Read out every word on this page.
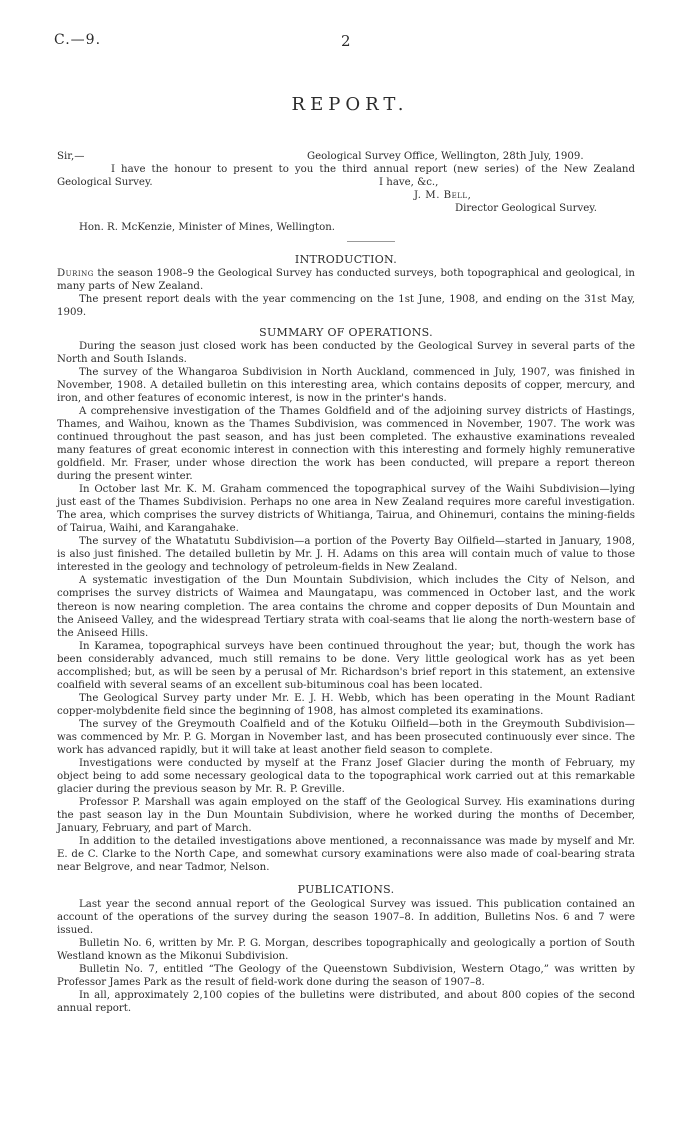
C.—9.	2
REPORT.
Sir,—	Geological Survey Office, Wellington, 28th July, 1909.

I have the honour to present to you the third annual report (new series) of the New Zealand Geological Survey.	I have, &c.,
J. M. Bell,
Director Geological Survey.
Hon. R. McKenzie, Minister of Mines, Wellington.
INTRODUCTION.

During the season 1908–9 the Geological Survey has conducted surveys, both topographical and geological, in many parts of New Zealand.

The present report deals with the year commencing on the 1st June, 1908, and ending on the 31st May, 1909.

SUMMARY OF OPERATIONS.

During the season just closed work has been conducted by the Geological Survey in several parts of the North and South Islands.

The survey of the Whangaroa Subdivision in North Auckland, commenced in July, 1907, was finished in November, 1908. A detailed bulletin on this interesting area, which contains deposits of copper, mercury, and iron, and other features of economic interest, is now in the printer's hands.

A comprehensive investigation of the Thames Goldfield and of the adjoining survey districts of Hastings, Thames, and Waihou, known as the Thames Subdivision, was commenced in November, 1907. The work was continued throughout the past season, and has just been completed. The exhaustive examinations revealed many features of great economic interest in connection with this interesting and formely highly remunerative goldfield. Mr. Fraser, under whose direction the work has been conducted, will prepare a report thereon during the present winter.

In October last Mr. K. M. Graham commenced the topographical survey of the Waihi Subdivision—lying just east of the Thames Subdivision. Perhaps no one area in New Zealand requires more careful investigation. The area, which comprises the survey districts of Whitianga, Tairua, and Ohinemuri, contains the mining-fields of Tairua, Waihi, and Karangahake.

The survey of the Whatatutu Subdivision—a portion of the Poverty Bay Oilfield—started in January, 1908, is also just finished. The detailed bulletin by Mr. J. H. Adams on this area will contain much of value to those interested in the geology and technology of petroleum-fields in New Zealand.

A systematic investigation of the Dun Mountain Subdivision, which includes the City of Nelson, and comprises the survey districts of Waimea and Maungatapu, was commenced in October last, and the work thereon is now nearing completion. The area contains the chrome and copper deposits of Dun Mountain and the Aniseed Valley, and the widespread Tertiary strata with coal-seams that lie along the north-western base of the Aniseed Hills.

In Karamea, topographical surveys have been continued throughout the year; but, though the work has been considerably advanced, much still remains to be done. Very little geological work has as yet been accomplished; but, as will be seen by a perusal of Mr. Richardson's brief report in this statement, an extensive coalfield with several seams of an excellent sub-bituminous coal has been located.

The Geological Survey party under Mr. E. J. H. Webb, which has been operating in the Mount Radiant copper-molybdenite field since the beginning of 1908, has almost completed its examinations.

The survey of the Greymouth Coalfield and of the Kotuku Oilfield—both in the Greymouth Subdivision—was commenced by Mr. P. G. Morgan in November last, and has been prosecuted continuously ever since. The work has advanced rapidly, but it will take at least another field season to complete.

Investigations were conducted by myself at the Franz Josef Glacier during the month of February, my object being to add some necessary geological data to the topographical work carried out at this remarkable glacier during the previous season by Mr. R. P. Greville.

Professor P. Marshall was again employed on the staff of the Geological Survey. His examinations during the past season lay in the Dun Mountain Subdivision, where he worked during the months of December, January, February, and part of March.

In addition to the detailed investigations above mentioned, a reconnaissance was made by myself and Mr. E. de C. Clarke to the North Cape, and somewhat cursory examinations were also made of coal-bearing strata near Belgrove, and near Tadmor, Nelson.

PUBLICATIONS.

Last year the second annual report of the Geological Survey was issued. This publication contained an account of the operations of the survey during the season 1907–8. In addition, Bulletins Nos. 6 and 7 were issued.

Bulletin No. 6, written by Mr. P. G. Morgan, describes topographically and geologically a portion of South Westland known as the Mikonui Subdivision.

Bulletin No. 7, entitled “The Geology of the Queenstown Subdivision, Western Otago,” was written by Professor James Park as the result of field-work done during the season of 1907–8.

In all, approximately 2,100 copies of the bulletins were distributed, and about 800 copies of the second annual report.
